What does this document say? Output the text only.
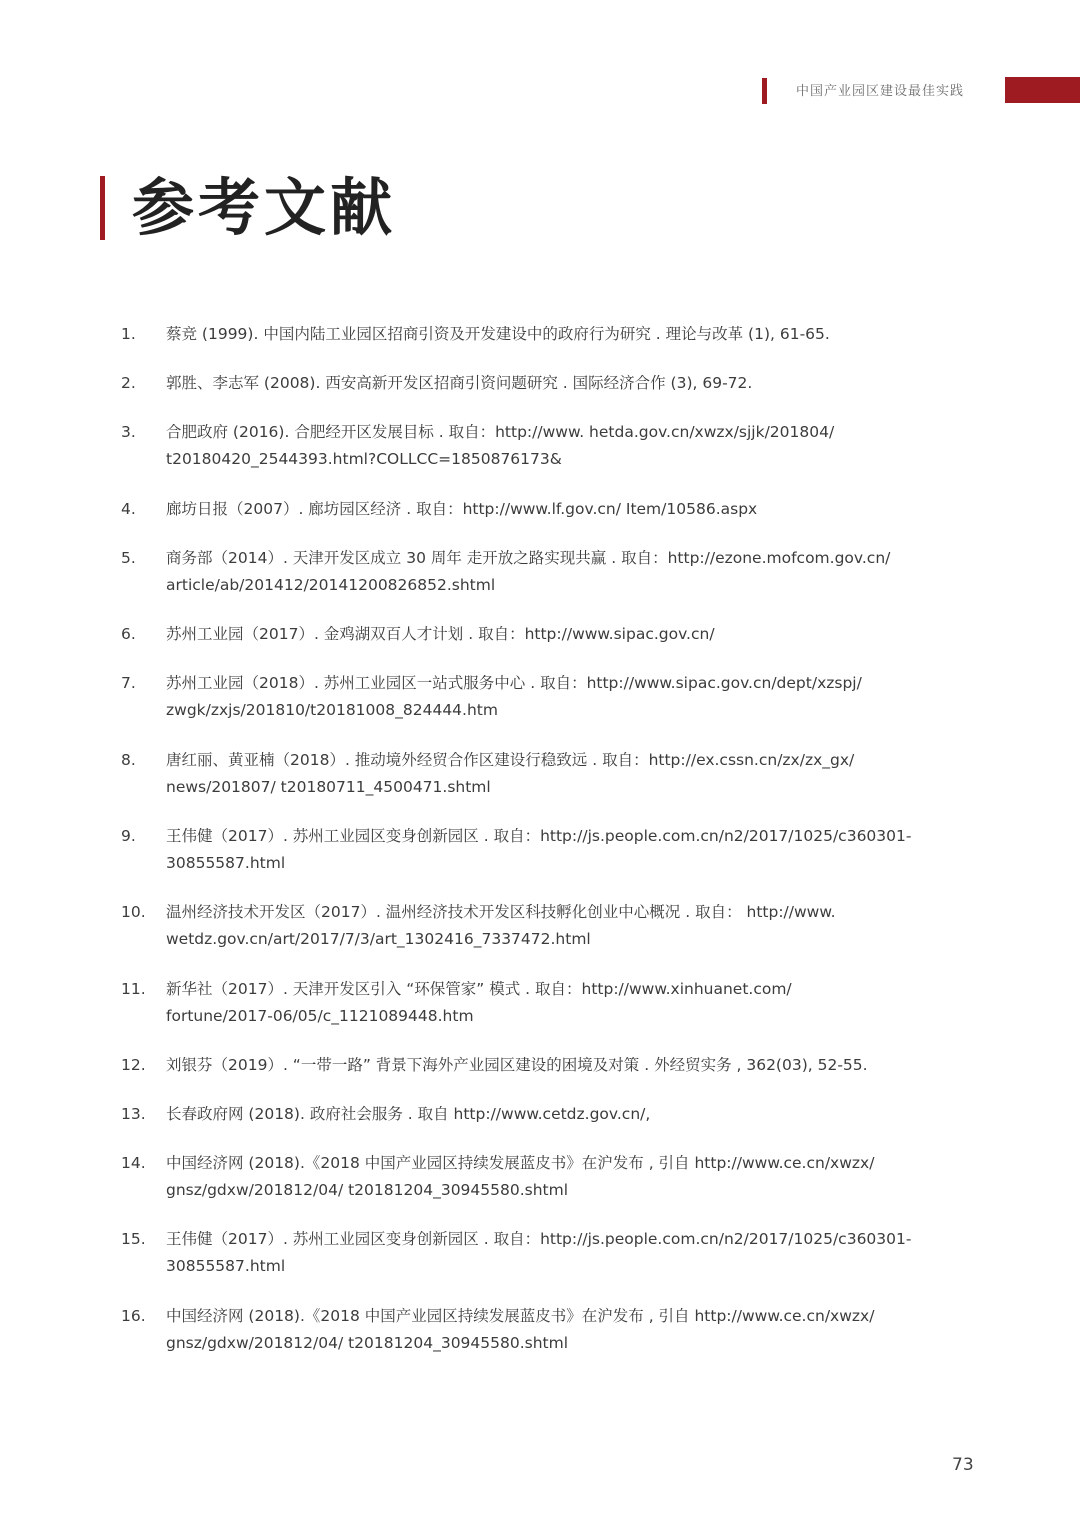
中国产业园区建设最佳实践
参考文献
1.	蔡竞 (1999). 中国内陆工业园区招商引资及开发建设中的政府行为研究 . 理论与改革 (1), 61-65.
2.	郭胜、李志军 (2008). 西安高新开发区招商引资问题研究 . 国际经济合作 (3), 69-72.
3.	合肥政府 (2016). 合肥经开区发展目标 . 取自：http://www. hetda.gov.cn/xwzx/sjjk/201804/
t20180420_2544393.html?COLLCC=1850876173&
4.	廊坊日报（2007）. 廊坊园区经济 . 取自：http://www.lf.gov.cn/ Item/10586.aspx
5.	商务部（2014）. 天津开发区成立 30 周年 走开放之路实现共赢 . 取自：http://ezone.mofcom.gov.cn/
article/ab/201412/20141200826852.shtml
6.	苏州工业园（2017）. 金鸡湖双百人才计划 . 取自：http://www.sipac.gov.cn/
7.	苏州工业园（2018）. 苏州工业园区一站式服务中心 . 取自：http://www.sipac.gov.cn/dept/xzspj/
zwgk/zxjs/201810/t20181008_824444.htm
8.	唐红丽、黄亚楠（2018）. 推动境外经贸合作区建设行稳致远 . 取自：http://ex.cssn.cn/zx/zx_gx/
news/201807/ t20180711_4500471.shtml
9.	王伟健（2017）. 苏州工业园区变身创新园区 . 取自：http://js.people.com.cn/n2/2017/1025/c360301-
30855587.html
10.	温州经济技术开发区（2017）. 温州经济技术开发区科技孵化创业中心概况 . 取自： http://www.
wetdz.gov.cn/art/2017/7/3/art_1302416_7337472.html
11.	新华社（2017）. 天津开发区引入 “环保管家” 模式 . 取自：http://www.xinhuanet.com/
fortune/2017-06/05/c_1121089448.htm
12.	刘银芬（2019）. “一带一路” 背景下海外产业园区建设的困境及对策 . 外经贸实务 , 362(03), 52-55.
13.	长春政府网 (2018). 政府社会服务 . 取自 http://www.cetdz.gov.cn/,
14.	中国经济网 (2018).《2018 中国产业园区持续发展蓝皮书》在沪发布 , 引自 http://www.ce.cn/xwzx/
gnsz/gdxw/201812/04/ t20181204_30945580.shtml
15.	王伟健（2017）. 苏州工业园区变身创新园区 . 取自：http://js.people.com.cn/n2/2017/1025/c360301-
30855587.html
16.	中国经济网 (2018).《2018 中国产业园区持续发展蓝皮书》在沪发布 , 引自 http://www.ce.cn/xwzx/
gnsz/gdxw/201812/04/ t20181204_30945580.shtml
73
